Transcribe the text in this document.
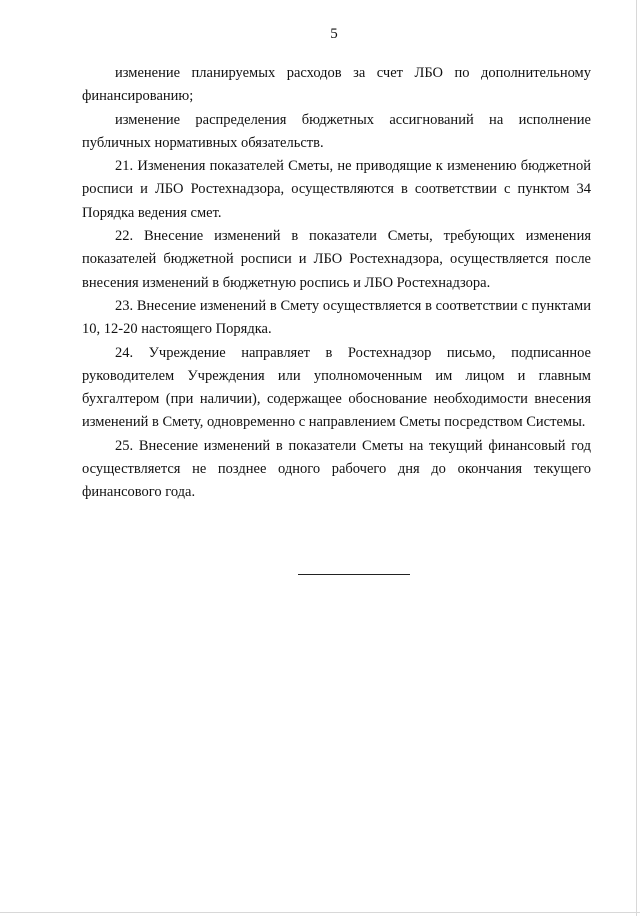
5

изменение планируемых расходов за счет ЛБО по дополнительному финансированию;

изменение распределения бюджетных ассигнований на исполнение публичных нормативных обязательств.

21. Изменения показателей Сметы, не приводящие к изменению бюджетной росписи и ЛБО Ростехнадзора, осуществляются в соответствии с пунктом 34 Порядка ведения смет.

22. Внесение изменений в показатели Сметы, требующих изменения показателей бюджетной росписи и ЛБО Ростехнадзора, осуществляется после внесения изменений в бюджетную роспись и ЛБО Ростехнадзора.

23. Внесение изменений в Смету осуществляется в соответствии с пунктами 10, 12-20 настоящего Порядка.

24. Учреждение направляет в Ростехнадзор письмо, подписанное руководителем Учреждения или уполномоченным им лицом и главным бухгалтером (при наличии), содержащее обоснование необходимости внесения изменений в Смету, одновременно с направлением Сметы посредством Системы.

25. Внесение изменений в показатели Сметы на текущий финансовый год осуществляется не позднее одного рабочего дня до окончания текущего финансового года.
